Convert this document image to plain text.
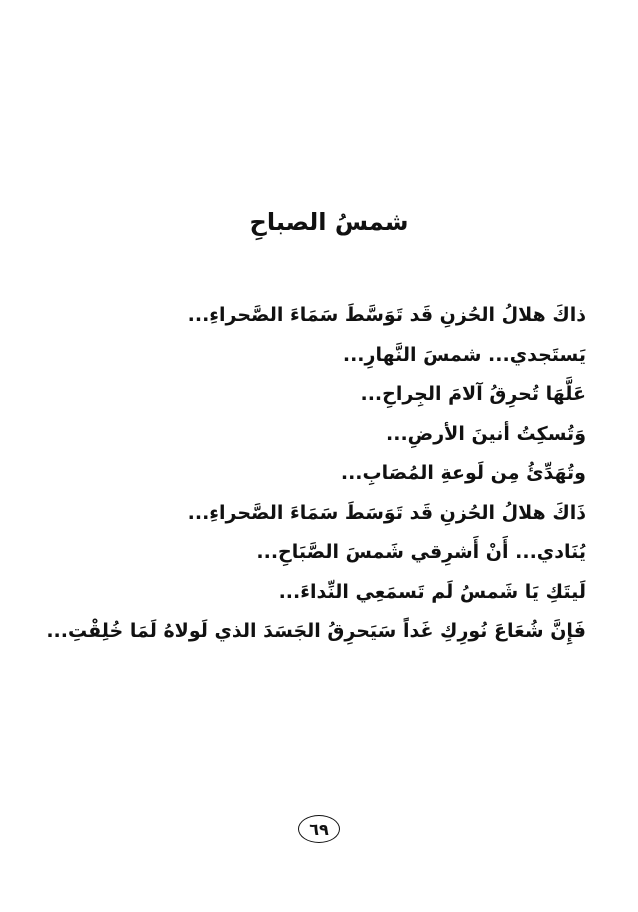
شمسُ الصباحِ
ذاكَ هلالُ الحُزنِ قَد تَوَسَّطَ سَمَاءَ الصَّحراءِ...
يَستَجدي... شمسَ النَّهارِ...
عَلَّهَا تُحرِقُ آلامَ الجِراحِ...
وَتُسكِتُ أنينَ الأرضِ...
وتُهَدِّئُ مِن لَوعةِ المُصَابِ...
ذَاكَ هلالُ الحُزنِ قَد تَوَسَطَ سَمَاءَ الصَّحراءِ...
يُنَادي... أَنْ أَشرِقي شَمسَ الصَّبَاحِ...
لَيتَكِ يَا شَمسُ لَم تَسمَعِي النِّداءَ...
فَإِنَّ شُعَاعَ نُورِكِ غَداً سَيَحرِقُ الجَسَدَ الذي لَولاهُ لَمَا خُلِقْتِ...
٦٩
